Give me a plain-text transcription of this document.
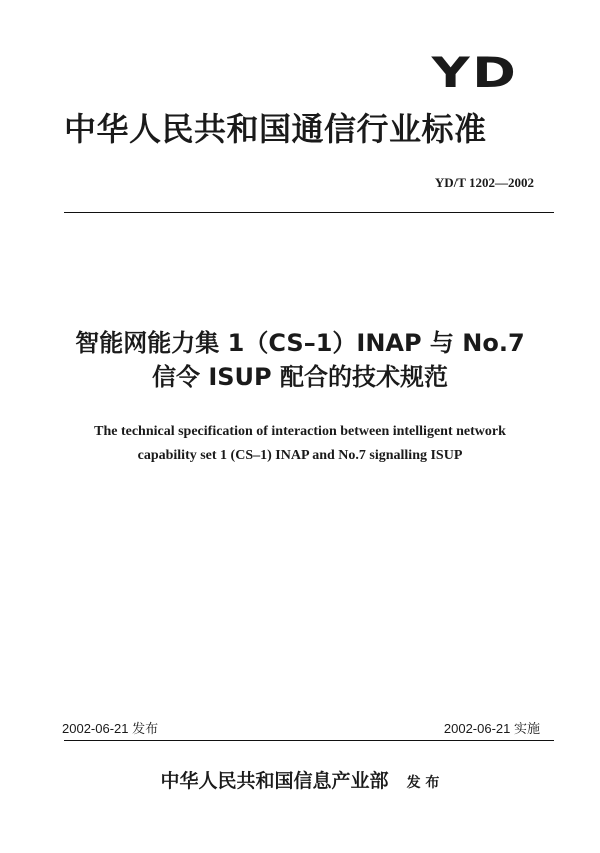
YD
中华人民共和国通信行业标准
YD/T 1202—2002
智能网能力集 1（CS–1）INAP 与 No.7
信令 ISUP 配合的技术规范
The technical specification of interaction between intelligent network
capability set 1 (CS–1) INAP and No.7 signalling ISUP
2002-06-21 发布	2002-06-21 实施
中华人民共和国信息产业部 发 布
